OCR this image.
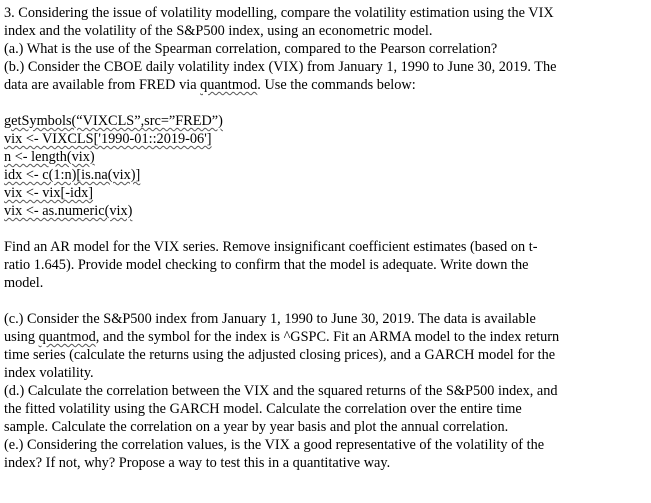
3. Considering the issue of volatility modelling, compare the volatility estimation using the VIX
index and the volatility of the S&P500 index, using an econometric model.
(a.) What is the use of the Spearman correlation, compared to the Pearson correlation?
(b.) Consider the CBOE daily volatility index (VIX) from January 1, 1990 to June 30, 2019. The
data are available from FRED via quantmod. Use the commands below:
getSymbols(“VIXCLS”,src=”FRED”)
vix <- VIXCLS['1990-01::2019-06']
n <- length(vix)
idx <- c(1:n)[is.na(vix)]
vix <- vix[-idx]
vix <- as.numeric(vix)
Find an AR model for the VIX series. Remove insignificant coefficient estimates (based on t-
ratio 1.645). Provide model checking to confirm that the model is adequate. Write down the
model.
(c.) Consider the S&P500 index from January 1, 1990 to June 30, 2019. The data is available
using quantmod, and the symbol for the index is ^GSPC. Fit an ARMA model to the index return
time series (calculate the returns using the adjusted closing prices), and a GARCH model for the
index volatility.
(d.) Calculate the correlation between the VIX and the squared returns of the S&P500 index, and
the fitted volatility using the GARCH model. Calculate the correlation over the entire time
sample. Calculate the correlation on a year by year basis and plot the annual correlation.
(e.) Considering the correlation values, is the VIX a good representative of the volatility of the
index? If not, why? Propose a way to test this in a quantitative way.
